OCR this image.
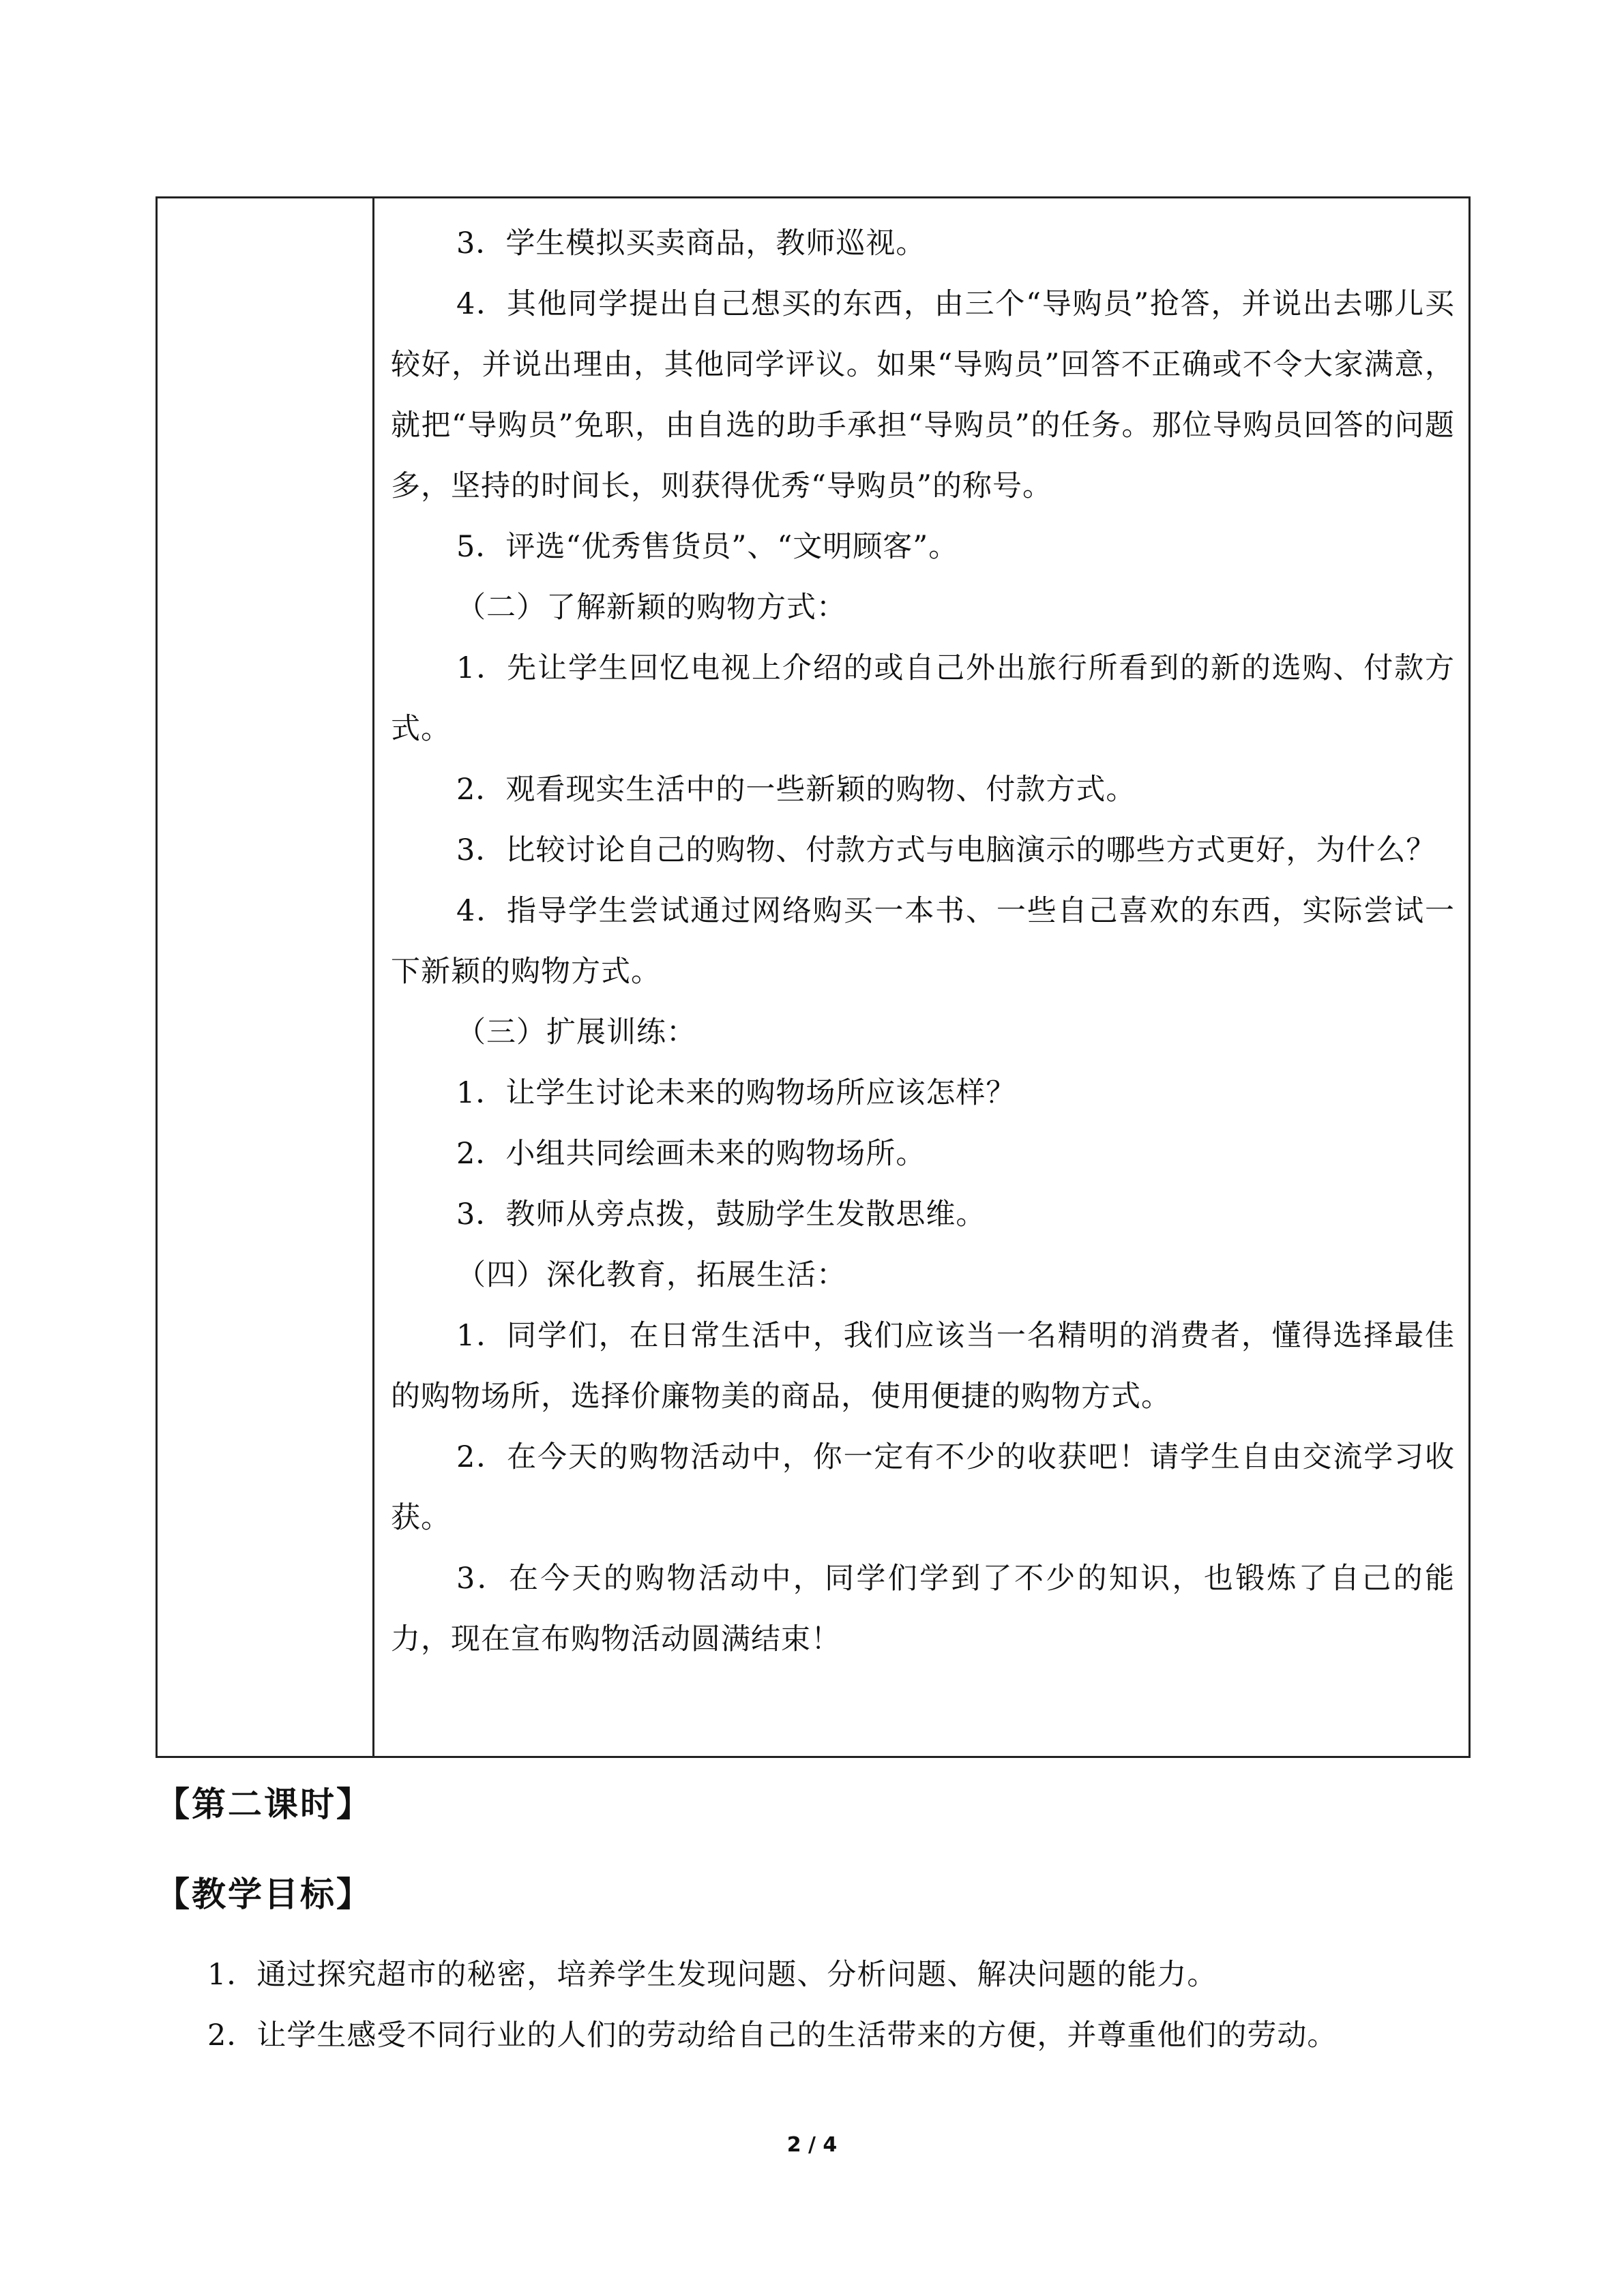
3．学生模拟买卖商品，教师巡视。

4．其他同学提出自己想买的东西，由三个“导购员”抢答，并说出去哪儿买较好，并说出理由，其他同学评议。如果“导购员”回答不正确或不令大家满意，就把“导购员”免职，由自选的助手承担“导购员”的任务。那位导购员回答的问题多，坚持的时间长，则获得优秀“导购员”的称号。

5．评选“优秀售货员”、“文明顾客”。

（二）了解新颖的购物方式：

1．先让学生回忆电视上介绍的或自己外出旅行所看到的新的选购、付款方式。

2．观看现实生活中的一些新颖的购物、付款方式。

3．比较讨论自己的购物、付款方式与电脑演示的哪些方式更好，为什么？

4．指导学生尝试通过网络购买一本书、一些自己喜欢的东西，实际尝试一下新颖的购物方式。

（三）扩展训练：

1．让学生讨论未来的购物场所应该怎样？

2．小组共同绘画未来的购物场所。

3．教师从旁点拨，鼓励学生发散思维。

（四）深化教育，拓展生活：

1．同学们，在日常生活中，我们应该当一名精明的消费者，懂得选择最佳的购物场所，选择价廉物美的商品，使用便捷的购物方式。

2．在今天的购物活动中，你一定有不少的收获吧！请学生自由交流学习收获。

3．在今天的购物活动中，同学们学到了不少的知识，也锻炼了自己的能力，现在宣布购物活动圆满结束！

【第二课时】
【教学目标】

1．通过探究超市的秘密，培养学生发现问题、分析问题、解决问题的能力。

2．让学生感受不同行业的人们的劳动给自己的生活带来的方便，并尊重他们的劳动。

2 / 4
